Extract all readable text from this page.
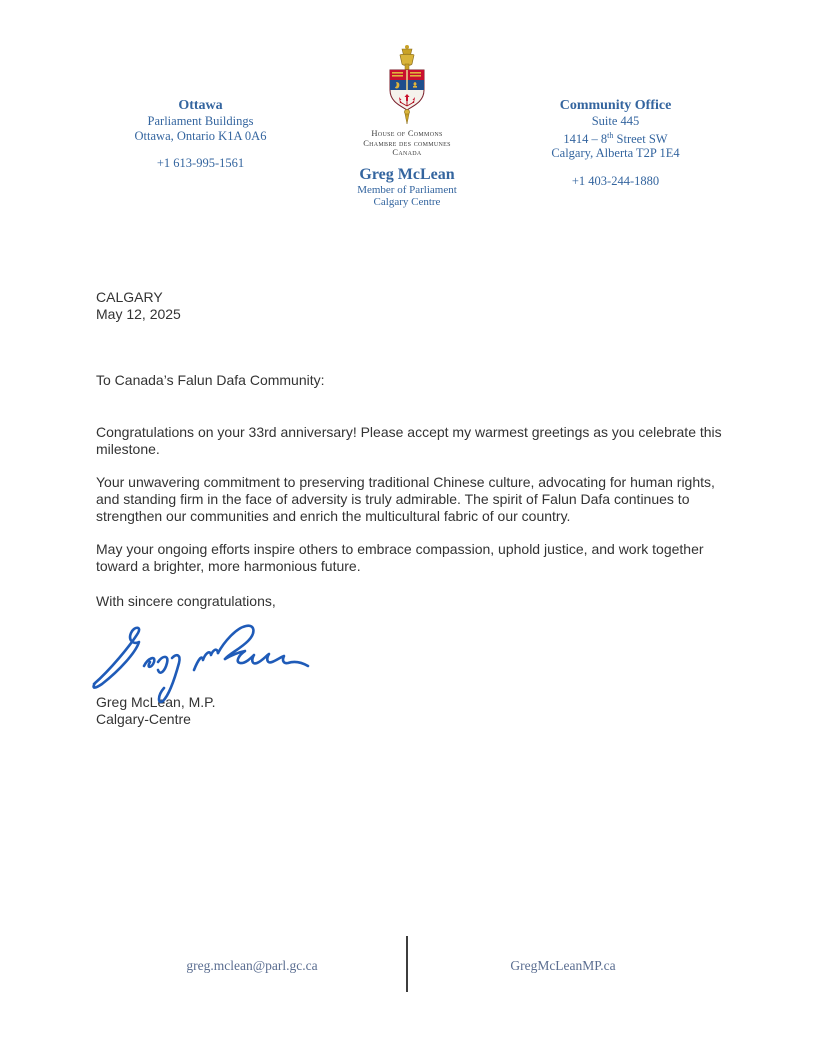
Ottawa
Parliament Buildings
Ottawa, Ontario K1A 0A6
+1 613-995-1561
House of Commons
Chambre des communes
Canada
Greg McLean
Member of Parliament
Calgary Centre
Community Office
Suite 445
1414 – 8th Street SW
Calgary, Alberta T2P 1E4
+1 403-244-1880
CALGARY
May 12, 2025
To Canada’s Falun Dafa Community:

Congratulations on your 33rd anniversary! Please accept my warmest greetings as you celebrate this milestone.

Your unwavering commitment to preserving traditional Chinese culture, advocating for human rights, and standing firm in the face of adversity is truly admirable. The spirit of Falun Dafa continues to strengthen our communities and enrich the multicultural fabric of our country.

May your ongoing efforts inspire others to embrace compassion, uphold justice, and work together toward a brighter, more harmonious future.

With sincere congratulations,
Greg McLean, M.P.
Calgary-Centre
greg.mclean@parl.gc.ca	GregMcLeanMP.ca
